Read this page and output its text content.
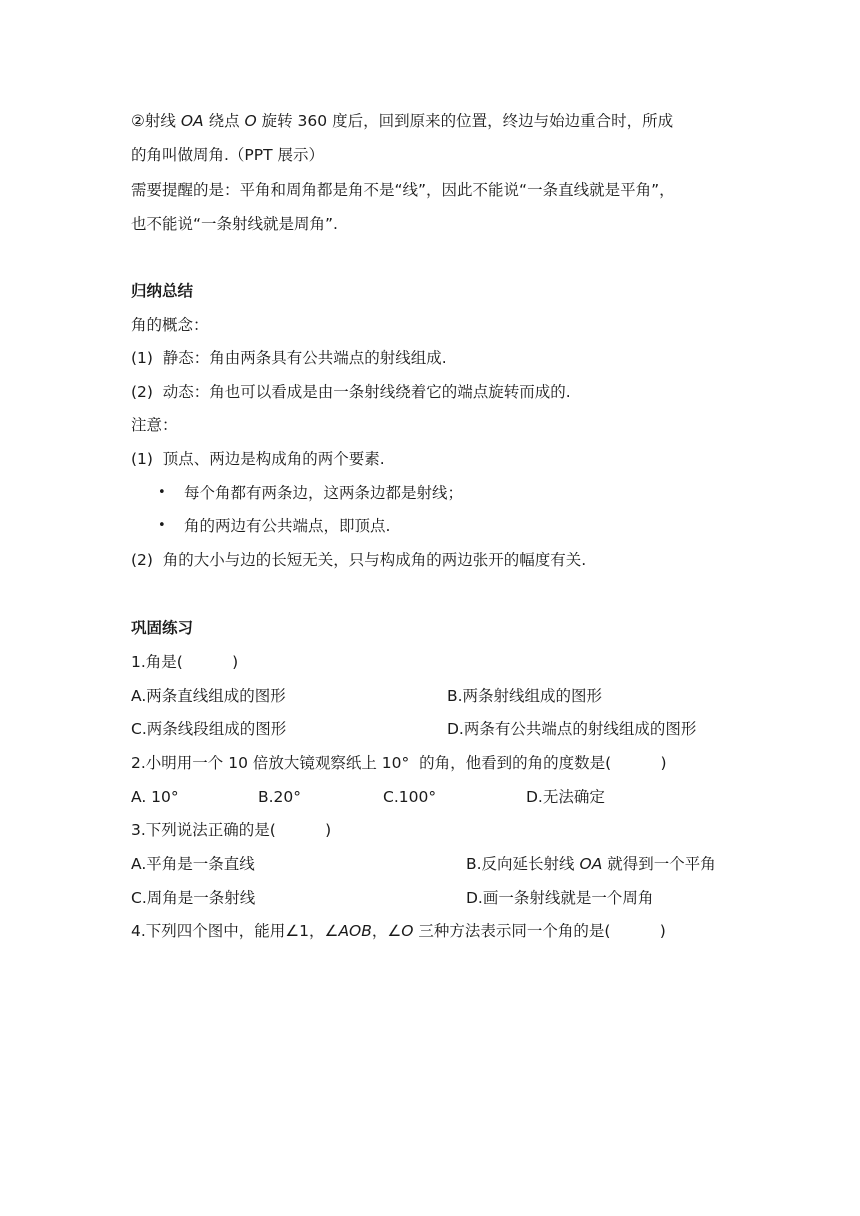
②射线 OA 绕点 O 旋转 360 度后，回到原来的位置，终边与始边重合时，所成
的角叫做周角.（PPT 展示）
需要提醒的是：平角和周角都是角不是“线”，因此不能说“一条直线就是平角”，
也不能说“一条射线就是周角”.
归纳总结
角的概念：
(1)  静态：角由两条具有公共端点的射线组成.
(2)  动态：角也可以看成是由一条射线绕着它的端点旋转而成的.
注意：
(1)  顶点、两边是构成角的两个要素.
• 每个角都有两条边，这两条边都是射线；
• 角的两边有公共端点，即顶点.
(2)  角的大小与边的长短无关，只与构成角的两边张开的幅度有关.
巩固练习
1.角是(          )
A.两条直线组成的图形	B.两条射线组成的图形
C.两条线段组成的图形	D.两条有公共端点的射线组成的图形
2.小明用一个 10 倍放大镜观察纸上 10°  的角，他看到的角的度数是(          )
A. 10°	B.20°	C.100°	D.无法确定
3.下列说法正确的是(          )
A.平角是一条直线	B.反向延长射线 OA 就得到一个平角
C.周角是一条射线	D.画一条射线就是一个周角
4.下列四个图中，能用∠1，∠AOB，∠O 三种方法表示同一个角的是(          )
